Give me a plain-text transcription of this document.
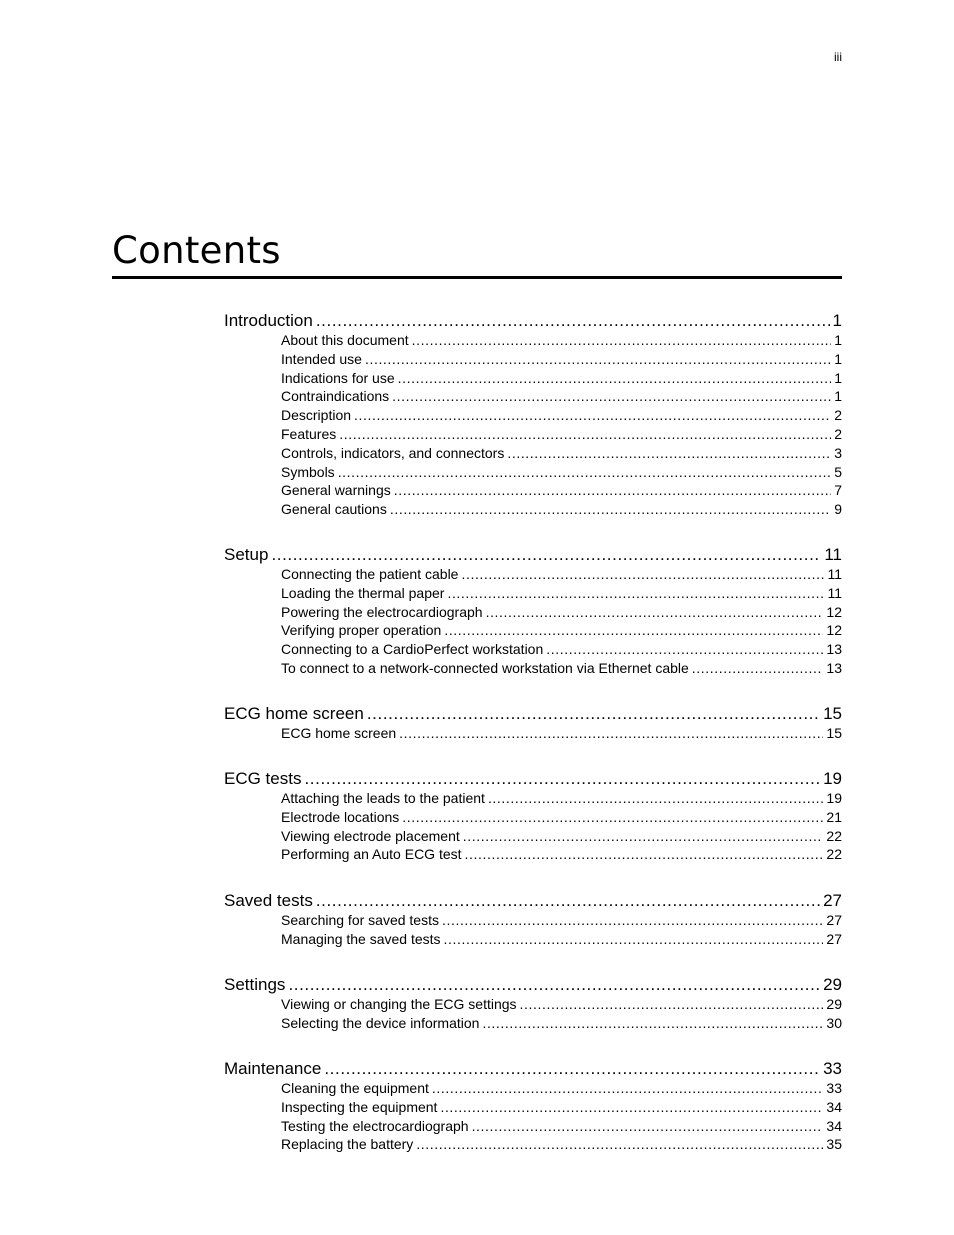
iii
Contents
Introduction .....	1
About this document .....	1
Intended use .....	1
Indications for use .....	1
Contraindications .....	1
Description .....	2
Features .....	2
Controls, indicators, and connectors .....	3
Symbols .....	5
General warnings .....	7
General cautions .....	9
Setup .....	11
Connecting the patient cable .....	11
Loading the thermal paper .....	11
Powering the electrocardiograph .....	12
Verifying proper operation .....	12
Connecting to a CardioPerfect workstation .....	13
To connect to a network-connected workstation via Ethernet cable .....	13
ECG home screen .....	15
ECG home screen .....	15
ECG tests .....	19
Attaching the leads to the patient .....	19
Electrode locations .....	21
Viewing electrode placement .....	22
Performing an Auto ECG test .....	22
Saved tests .....	27
Searching for saved tests .....	27
Managing the saved tests .....	27
Settings .....	29
Viewing or changing the ECG settings .....	29
Selecting the device information .....	30
Maintenance .....	33
Cleaning the equipment .....	33
Inspecting the equipment .....	34
Testing the electrocardiograph .....	34
Replacing the battery .....	35
